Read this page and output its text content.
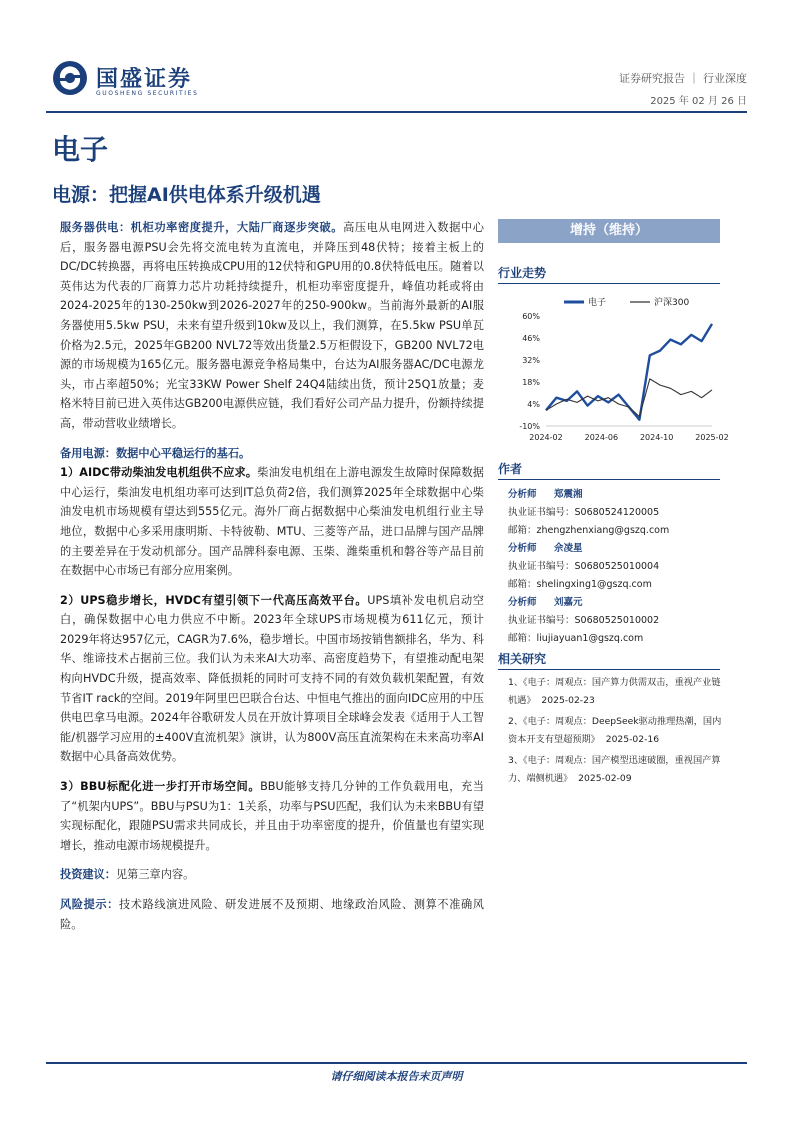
国盛证券
GUOSHENG SECURITIES
证券研究报告 ｜ 行业深度
2025 年 02 月 26 日
电子
电源：把握AI供电体系升级机遇

服务器供电：机柜功率密度提升，大陆厂商逐步突破。高压电从电网进入数据中心后，服务器电源PSU会先将交流电转为直流电，并降压到48伏特；接着主板上的DC/DC转换器，再将电压转换成CPU用的12伏特和GPU用的0.8伏特低电压。随着以英伟达为代表的厂商算力芯片功耗持续提升，机柜功率密度提升，峰值功耗或将由2024-2025年的130-250kw到2026-2027年的250-900kw。当前海外最新的AI服务器使用5.5kw PSU，未来有望升级到10kw及以上，我们测算，在5.5kw PSU单瓦价格为2.5元，2025年GB200 NVL72等效出货量2.5万柜假设下，GB200 NVL72电源的市场规模为165亿元。服务器电源竞争格局集中，台达为AI服务器AC/DC电源龙头，市占率超50%；光宝33KW Power Shelf 24Q4陆续出货，预计25Q1放量；麦格米特目前已进入英伟达GB200电源供应链，我们看好公司产品力提升，份额持续提高，带动营收业绩增长。

备用电源：数据中心平稳运行的基石。
1）AIDC带动柴油发电机组供不应求。柴油发电机组在上游电源发生故障时保障数据中心运行，柴油发电机组功率可达到IT总负荷2倍，我们测算2025年全球数据中心柴油发电机市场规模有望达到555亿元。海外厂商占据数据中心柴油发电机组行业主导地位，数据中心多采用康明斯、卡特彼勒、MTU、三菱等产品，进口品牌与国产品牌的主要差异在于发动机部分。国产品牌科泰电源、玉柴、潍柴重机和磐谷等产品目前在数据中心市场已有部分应用案例。

2）UPS稳步增长，HVDC有望引领下一代高压高效平台。UPS填补发电机启动空白，确保数据中心电力供应不中断。2023年全球UPS市场规模为611亿元，预计2029年将达957亿元，CAGR为7.6%，稳步增长。中国市场按销售额排名，华为、科华、维谛技术占据前三位。我们认为未来AI大功率、高密度趋势下，有望推动配电架构向HVDC升级，提高效率、降低损耗的同时可支持不同的有效负载机架配置，有效节省IT rack的空间。2019年阿里巴巴联合台达、中恒电气推出的面向IDC应用的中压供电巴拿马电源。2024年谷歌研发人员在开放计算项目全球峰会发表《适用于人工智能/机器学习应用的±400V直流机架》演讲，认为800V高压直流架构在未来高功率AI数据中心具备高效优势。

3）BBU标配化进一步打开市场空间。BBU能够支持几分钟的工作负载用电，充当了“机架内UPS”。BBU与PSU为1：1关系，功率与PSU匹配，我们认为未来BBU有望实现标配化，跟随PSU需求共同成长，并且由于功率密度的提升，价值量也有望实现增长，推动电源市场规模提升。

投资建议：见第三章内容。

风险提示：技术路线演进风险、研发进展不及预期、地缘政治风险、测算不准确风险。

增持（维持）
行业走势
电子	沪深300
60%
46%
32%
18%
4%
-10%
2024-02	2024-06	2024-10	2025-02
作者
分析师 郑震湘
执业证书编号：S0680524120005
邮箱：zhengzhenxiang@gszq.com
分析师 佘凌星
执业证书编号：S0680525010004
邮箱：shelingxing1@gszq.com
分析师 刘嘉元
执业证书编号：S0680525010002
邮箱：liujiayuan1@gszq.com
相关研究

1、《电子：周观点：国产算力供需双击，重视产业链机遇》 2025-02-23

2、《电子：周观点：DeepSeek驱动推理热潮，国内资本开支有望超预期》 2025-02-16

3、《电子：周观点：国产模型迅速破圈，重视国产算力、端侧机遇》 2025-02-09

请仔细阅读本报告末页声明
